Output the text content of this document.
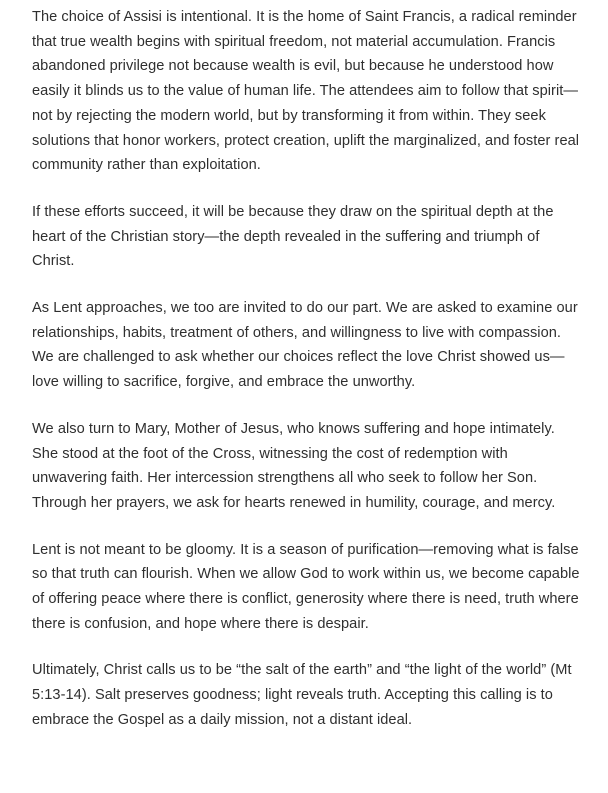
The choice of Assisi is intentional. It is the home of Saint Francis, a radical reminder that true wealth begins with spiritual freedom, not material accumulation. Francis abandoned privilege not because wealth is evil, but because he understood how easily it blinds us to the value of human life. The attendees aim to follow that spirit—not by rejecting the modern world, but by transforming it from within. They seek solutions that honor workers, protect creation, uplift the marginalized, and foster real community rather than exploitation.

If these efforts succeed, it will be because they draw on the spiritual depth at the heart of the Christian story—the depth revealed in the suffering and triumph of Christ.

As Lent approaches, we too are invited to do our part. We are asked to examine our relationships, habits, treatment of others, and willingness to live with compassion. We are challenged to ask whether our choices reflect the love Christ showed us—love willing to sacrifice, forgive, and embrace the unworthy.

We also turn to Mary, Mother of Jesus, who knows suffering and hope intimately. She stood at the foot of the Cross, witnessing the cost of redemption with unwavering faith. Her intercession strengthens all who seek to follow her Son. Through her prayers, we ask for hearts renewed in humility, courage, and mercy.

Lent is not meant to be gloomy. It is a season of purification—removing what is false so that truth can flourish. When we allow God to work within us, we become capable of offering peace where there is conflict, generosity where there is need, truth where there is confusion, and hope where there is despair.

Ultimately, Christ calls us to be “the salt of the earth” and “the light of the world” (Mt 5:13-14). Salt preserves goodness; light reveals truth. Accepting this calling is to embrace the Gospel as a daily mission, not a distant ideal.
